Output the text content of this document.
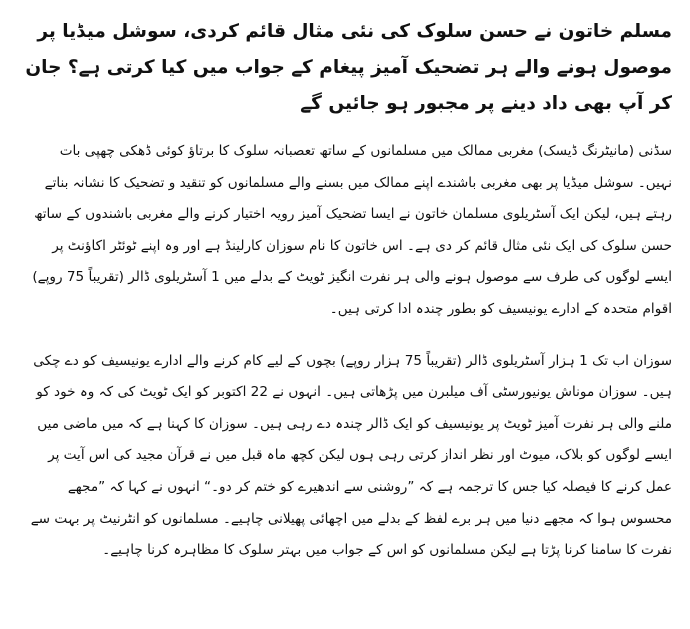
مسلم خاتون نے حسن سلوک کی نئی مثال قائم کردی، سوشل میڈیا پر موصول ہونے والے ہر تضحیک آمیز پیغام کے جواب میں کیا کرتی ہے؟ جان کر آپ بھی داد دینے پر مجبور ہو جائیں گے

سڈنی (مانیٹرنگ ڈیسک) مغربی ممالک میں مسلمانوں کے ساتھ تعصبانہ سلوک کا برتاؤ کوئی ڈھکی چھپی بات نہیں۔ سوشل میڈیا پر بھی مغربی باشندے اپنے ممالک میں بسنے والے مسلمانوں کو تنقید و تضحیک کا نشانہ بناتے رہتے ہیں، لیکن ایک آسٹریلوی مسلمان خاتون نے ایسا تضحیک آمیز رویہ اختیار کرنے والے مغربی باشندوں کے ساتھ حسن سلوک کی ایک نئی مثال قائم کر دی ہے۔ اس خاتون کا نام سوزان کارلینڈ ہے اور وہ اپنے ٹوئٹر اکاؤنٹ پر ایسے لوگوں کی طرف سے موصول ہونے والی ہر نفرت انگیز ٹویٹ کے بدلے میں 1 آسٹریلوی ڈالر (تقریباً 75 روپے) اقوام متحدہ کے ادارے یونیسیف کو بطور چندہ ادا کرتی ہیں۔

سوزان اب تک 1 ہزار آسٹریلوی ڈالر (تقریباً 75 ہزار روپے) بچوں کے لیے کام کرنے والے ادارے یونیسیف کو دے چکی ہیں۔ سوزان موناش یونیورسٹی آف میلبرن میں پڑھاتی ہیں۔ انہوں نے 22 اکتوبر کو ایک ٹویٹ کی کہ وہ خود کو ملنے والی ہر نفرت آمیز ٹویٹ پر یونیسیف کو ایک ڈالر چندہ دے رہی ہیں۔ سوزان کا کہنا ہے کہ میں ماضی میں ایسے لوگوں کو بلاک، میوٹ اور نظر انداز کرتی رہی ہوں لیکن کچھ ماہ قبل میں نے قرآن مجید کی اس آیت پر عمل کرنے کا فیصلہ کیا جس کا ترجمہ ہے کہ ”روشنی سے اندھیرے کو ختم کر دو۔“ انہوں نے کہا کہ ”مجھے محسوس ہوا کہ مجھے دنیا میں ہر برے لفظ کے بدلے میں اچھائی پھیلانی چاہیے۔ مسلمانوں کو انٹرنیٹ پر بہت سے نفرت کا سامنا کرنا پڑتا ہے لیکن مسلمانوں کو اس کے جواب میں بہتر سلوک کا مظاہرہ کرنا چاہیے۔
